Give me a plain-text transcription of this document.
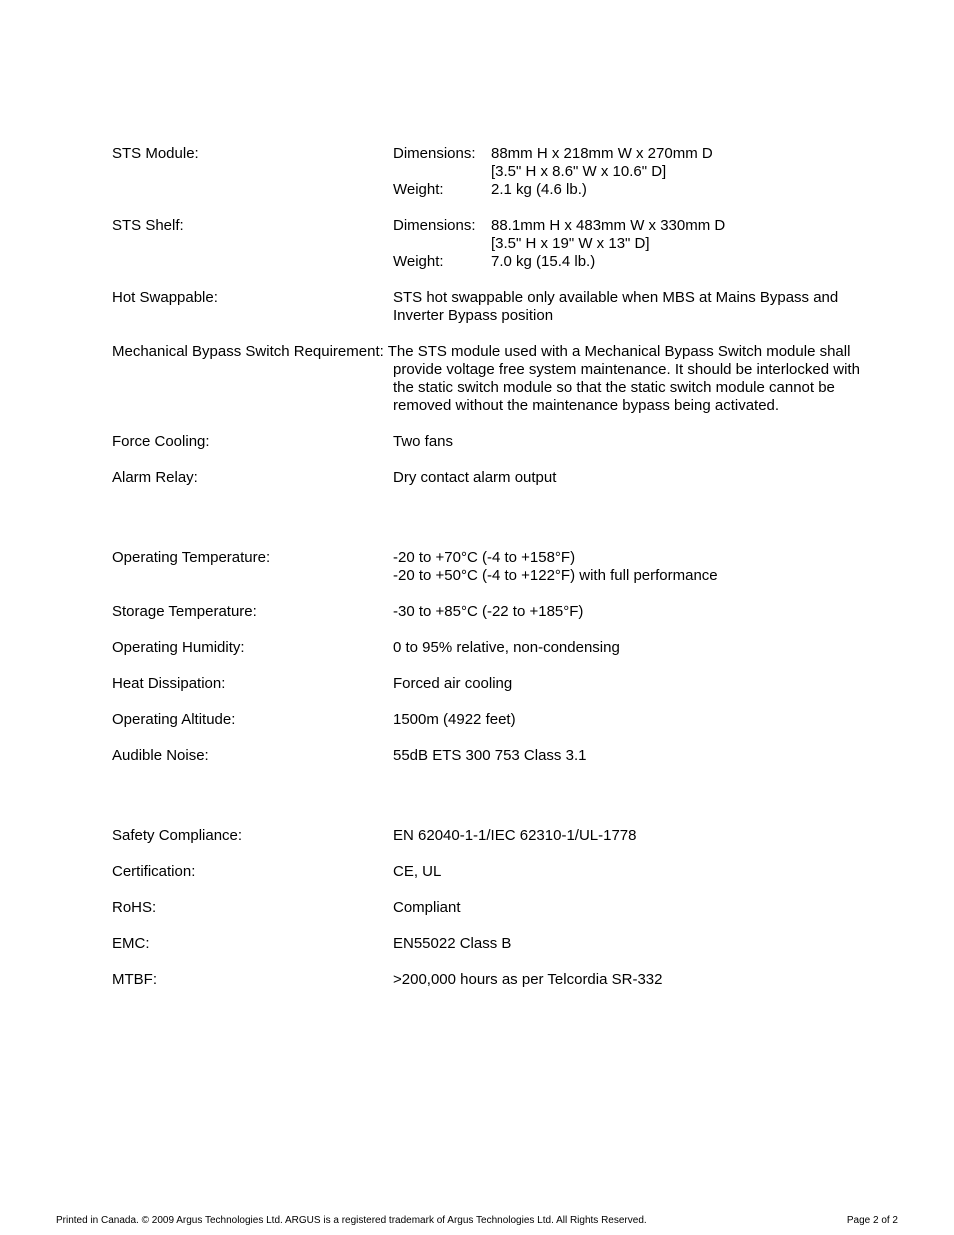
STS Module:	Dimensions:	88mm H x 218mm W x 270mm D
[3.5" H x 8.6" W x 10.6" D]
Weight:	2.1 kg (4.6 lb.)
STS Shelf:	Dimensions:	88.1mm H x 483mm W x 330mm D
[3.5" H x 19" W x 13" D]
Weight:	7.0 kg (15.4 lb.)
Hot Swappable:	STS hot swappable only available when MBS at Mains Bypass and
Inverter Bypass position
Mechanical Bypass Switch Requirement: The STS module used with a Mechanical Bypass Switch module shall
provide voltage free system maintenance. It should be interlocked with
the static switch module so that the static switch module cannot be
removed without the maintenance bypass being activated.
Force Cooling:	Two fans
Alarm Relay:	Dry contact alarm output
Operating Temperature:	-20 to +70°C (-4 to +158°F)
-20 to +50°C (-4 to +122°F) with full performance
Storage Temperature:	-30 to +85°C (-22 to +185°F)
Operating Humidity:	0 to 95% relative, non-condensing
Heat Dissipation:	Forced air cooling
Operating Altitude:	1500m (4922 feet)
Audible Noise:	55dB ETS 300 753 Class 3.1
Safety Compliance:	EN 62040-1-1/IEC 62310-1/UL-1778
Certification:	CE, UL
RoHS:	Compliant
EMC:	EN55022 Class B
MTBF:	>200,000 hours as per Telcordia SR-332
Printed in Canada. © 2009 Argus Technologies Ltd. ARGUS is a registered trademark of Argus Technologies Ltd. All Rights Reserved.	Page 2 of 2
